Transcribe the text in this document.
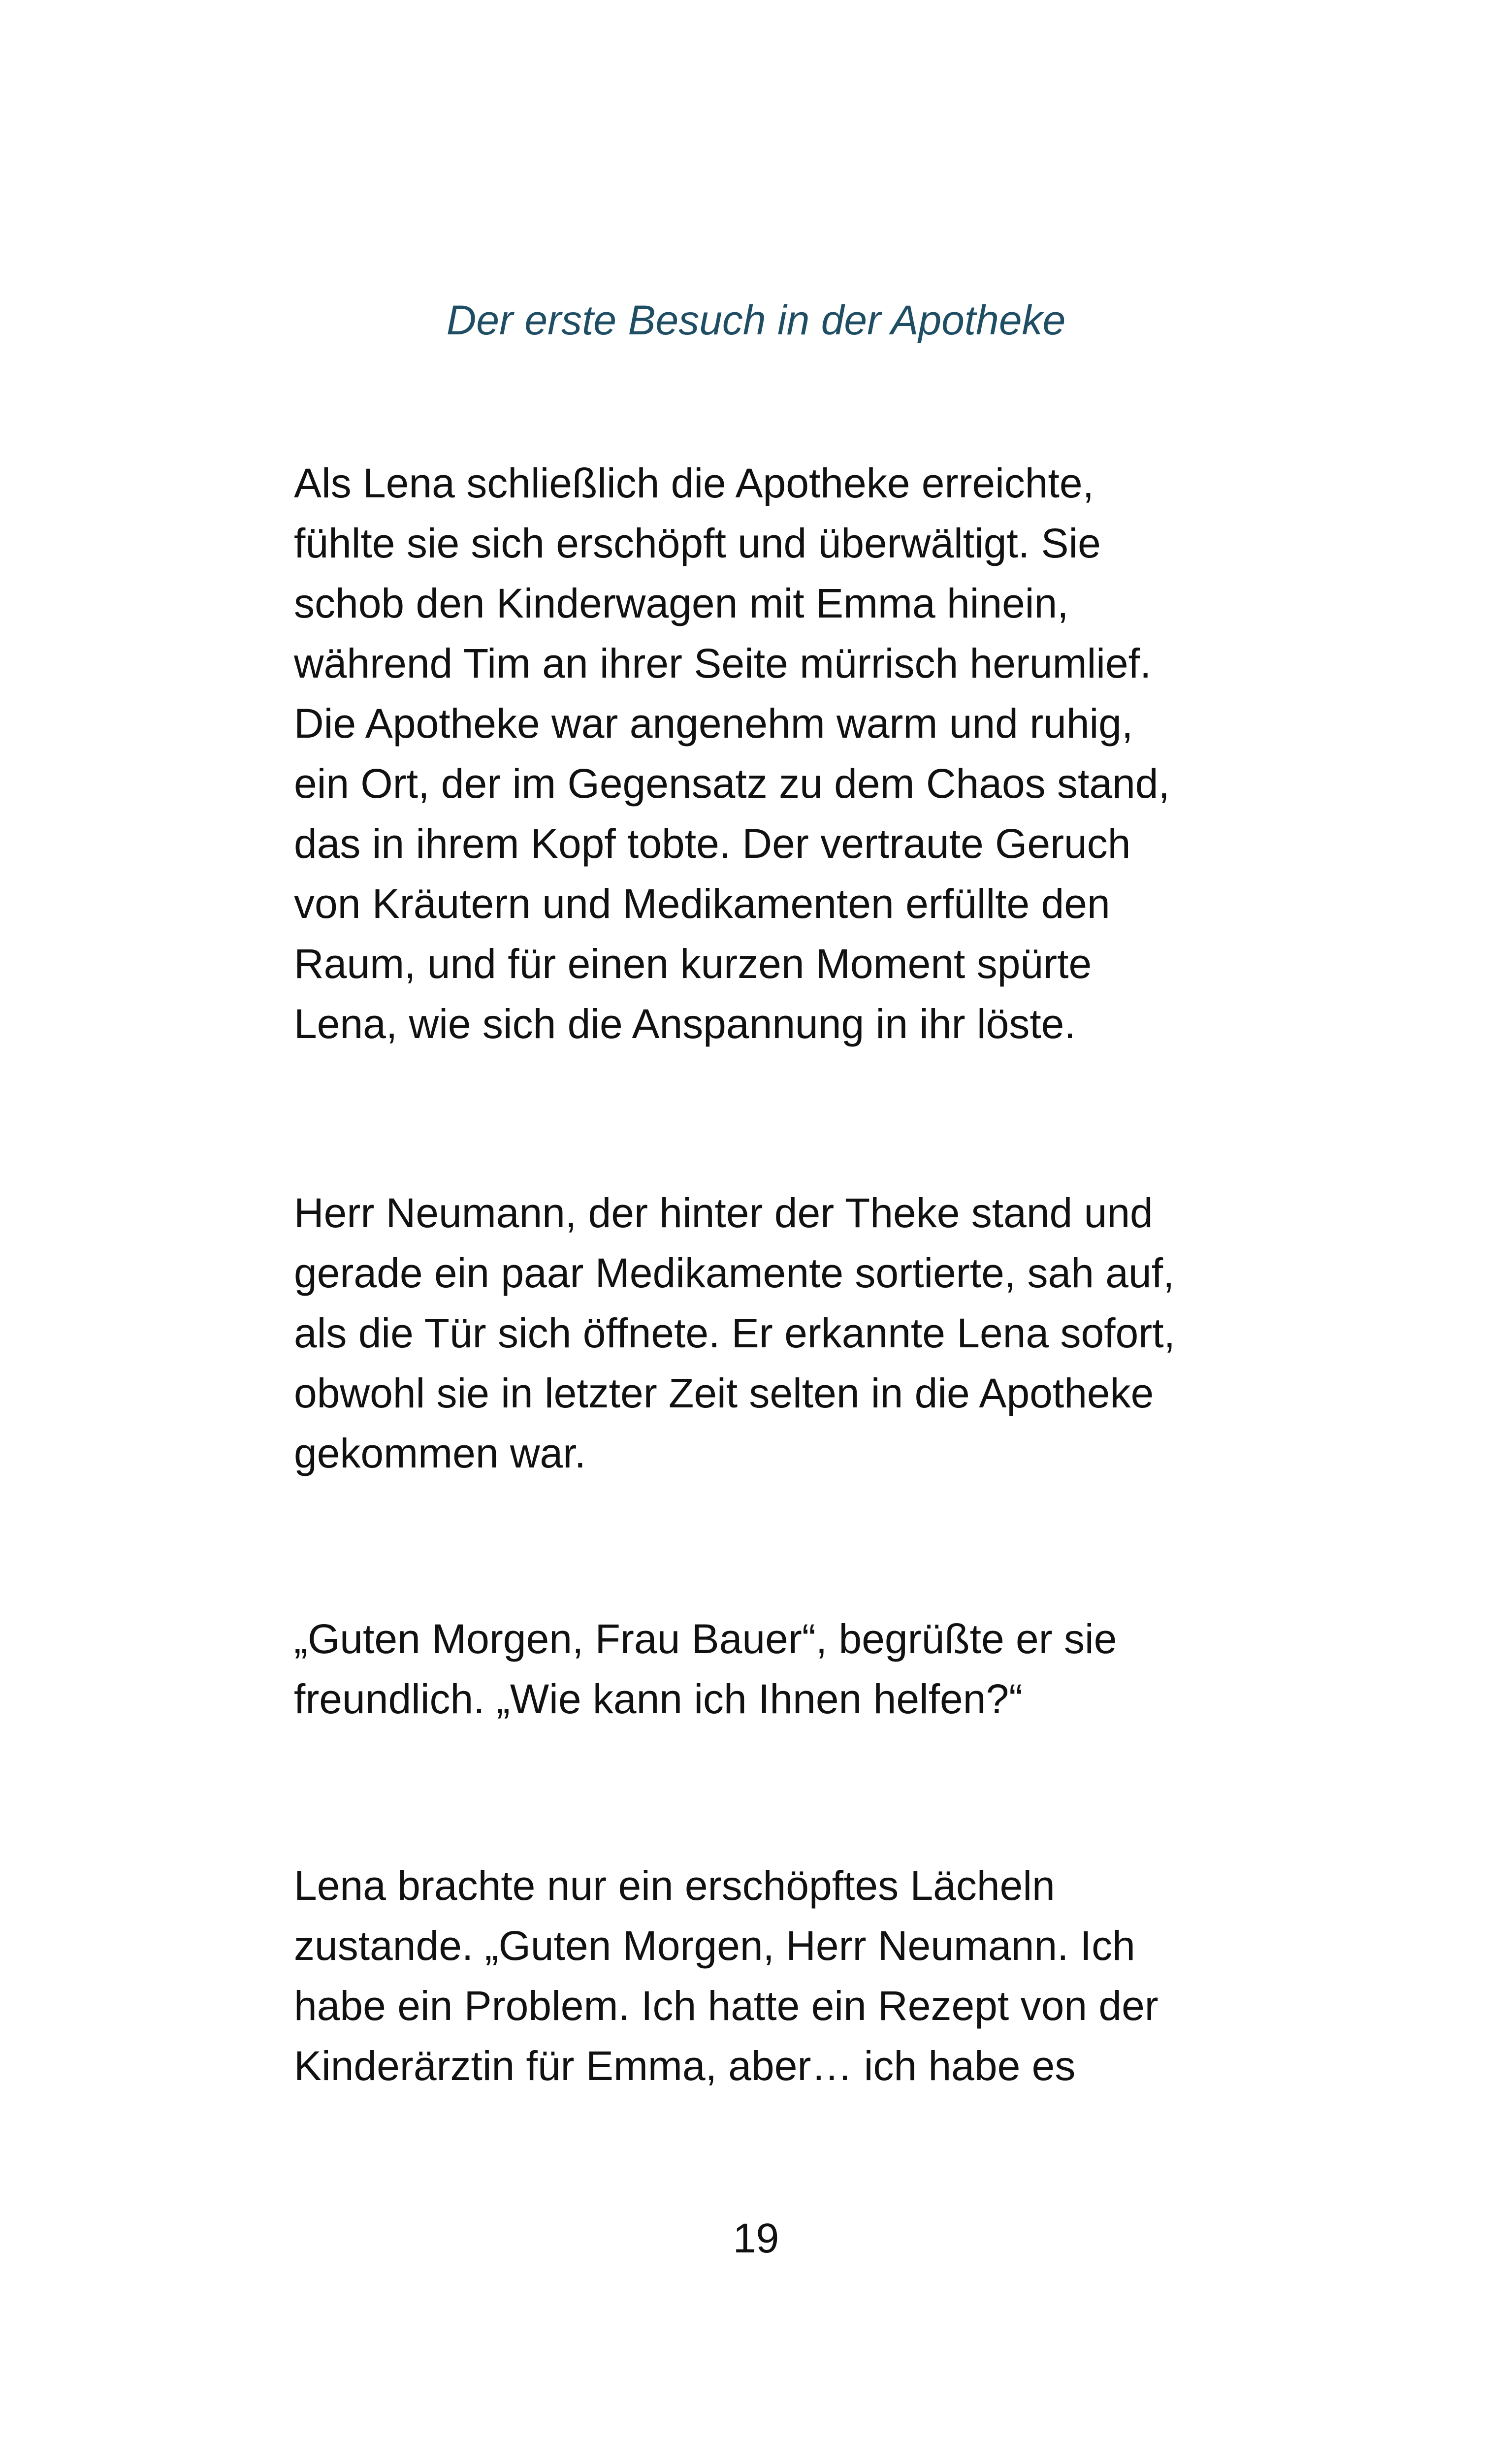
Der erste Besuch in der Apotheke

Als Lena schließlich die Apotheke erreichte,
fühlte sie sich erschöpft und überwältigt. Sie
schob den Kinderwagen mit Emma hinein,
während Tim an ihrer Seite mürrisch herumlief.
Die Apotheke war angenehm warm und ruhig,
ein Ort, der im Gegensatz zu dem Chaos stand,
das in ihrem Kopf tobte. Der vertraute Geruch
von Kräutern und Medikamenten erfüllte den
Raum, und für einen kurzen Moment spürte
Lena, wie sich die Anspannung in ihr löste.

Herr Neumann, der hinter der Theke stand und
gerade ein paar Medikamente sortierte, sah auf,
als die Tür sich öffnete. Er erkannte Lena sofort,
obwohl sie in letzter Zeit selten in die Apotheke
gekommen war.

„Guten Morgen, Frau Bauer“, begrüßte er sie
freundlich. „Wie kann ich Ihnen helfen?“

Lena brachte nur ein erschöpftes Lächeln
zustande. „Guten Morgen, Herr Neumann. Ich
habe ein Problem. Ich hatte ein Rezept von der
Kinderärztin für Emma, aber… ich habe es

19
